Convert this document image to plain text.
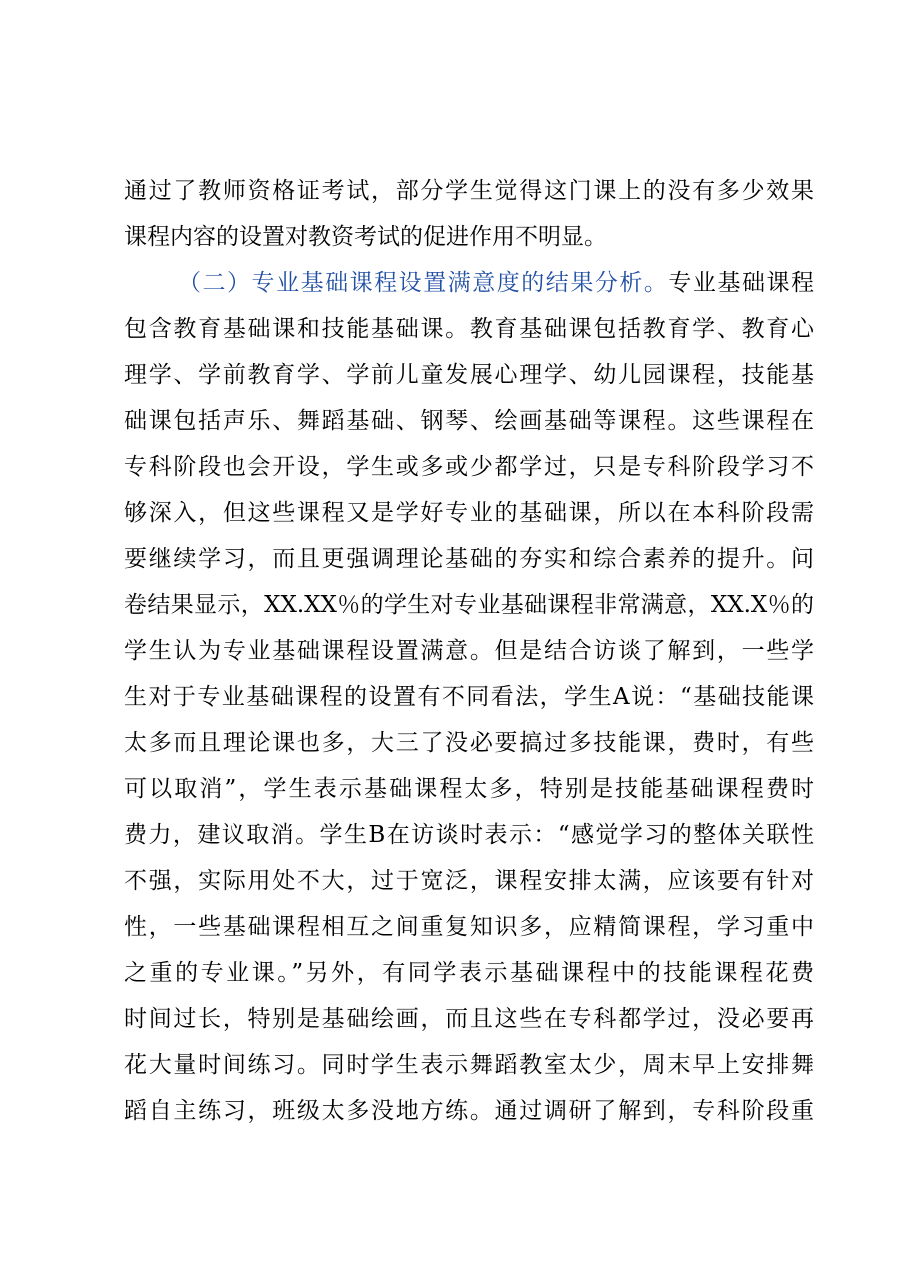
通过了教师资格证考试，部分学生觉得这门课上的没有多少效果
课程内容的设置对教资考试的促进作用不明显。
（二）专业基础课程设置满意度的结果分析。专业基础课程
包含教育基础课和技能基础课。教育基础课包括教育学、教育心
理学、学前教育学、学前儿童发展心理学、幼儿园课程，技能基
础课包括声乐、舞蹈基础、钢琴、绘画基础等课程。这些课程在
专科阶段也会开设，学生或多或少都学过，只是专科阶段学习不
够深入，但这些课程又是学好专业的基础课，所以在本科阶段需
要继续学习，而且更强调理论基础的夯实和综合素养的提升。问
卷结果显示，XX.XX％的学生对专业基础课程非常满意，XX.X％的
学生认为专业基础课程设置满意。但是结合访谈了解到，一些学
生对于专业基础课程的设置有不同看法，学生A说：“基础技能课
太多而且理论课也多，大三了没必要搞过多技能课，费时，有些
可以取消”，学生表示基础课程太多，特别是技能基础课程费时
费力，建议取消。学生B在访谈时表示：“感觉学习的整体关联性
不强，实际用处不大，过于宽泛，课程安排太满，应该要有针对
性，一些基础课程相互之间重复知识多，应精简课程，学习重中
之重的专业课。”另外，有同学表示基础课程中的技能课程花费
时间过长，特别是基础绘画，而且这些在专科都学过，没必要再
花大量时间练习。同时学生表示舞蹈教室太少，周末早上安排舞
蹈自主练习，班级太多没地方练。通过调研了解到，专科阶段重
